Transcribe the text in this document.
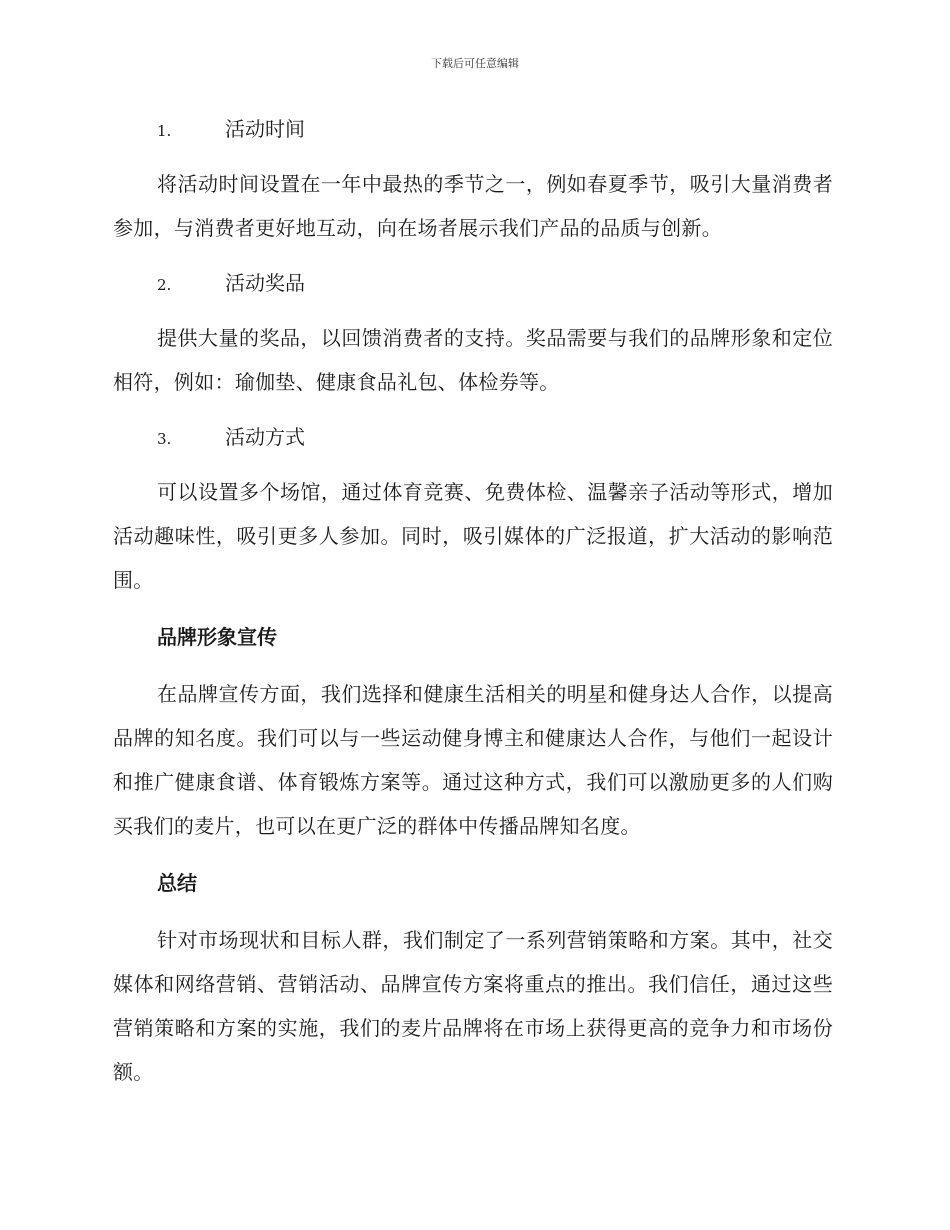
下载后可任意编辑
1.	活动时间

将活动时间设置在一年中最热的季节之一，例如春夏季节，吸引大量消费者参加，与消费者更好地互动，向在场者展示我们产品的品质与创新。

2.	活动奖品

提供大量的奖品，以回馈消费者的支持。奖品需要与我们的品牌形象和定位相符，例如：瑜伽垫、健康食品礼包、体检券等。

3.	活动方式

可以设置多个场馆，通过体育竞赛、免费体检、温馨亲子活动等形式，增加活动趣味性，吸引更多人参加。同时，吸引媒体的广泛报道，扩大活动的影响范围。

品牌形象宣传

在品牌宣传方面，我们选择和健康生活相关的明星和健身达人合作，以提高品牌的知名度。我们可以与一些运动健身博主和健康达人合作，与他们一起设计和推广健康食谱、体育锻炼方案等。通过这种方式，我们可以激励更多的人们购买我们的麦片，也可以在更广泛的群体中传播品牌知名度。

总结

针对市场现状和目标人群，我们制定了一系列营销策略和方案。其中，社交媒体和网络营销、营销活动、品牌宣传方案将重点的推出。我们信任，通过这些营销策略和方案的实施，我们的麦片品牌将在市场上获得更高的竞争力和市场份额。
